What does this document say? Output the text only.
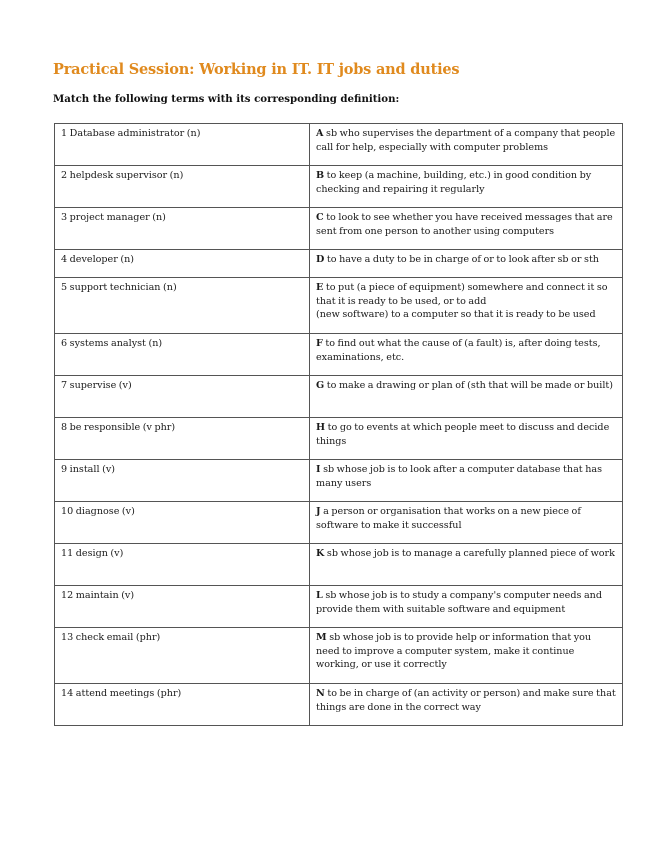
Practical Session: Working in IT. IT jobs and duties

Match the following terms with its corresponding definition:

1 Database administrator (n)	A sb who supervises the department of a company that people call for help, especially with computer problems
2 helpdesk supervisor (n)	B to keep (a machine, building, etc.) in good condition by checking and repairing it regularly
3 project manager (n)	C to look to see whether you have received messages that are sent from one person to another using computers
4 developer (n)	D to have a duty to be in charge of or to look after sb or sth
5 support technician (n)	E to put (a piece of equipment) somewhere and connect it so that it is ready to be used, or to add
(new software) to a computer so that it is ready to be used
6 systems analyst (n)	F to find out what the cause of (a fault) is, after doing tests, examinations, etc.
7 supervise (v)	G to make a drawing or plan of (sth that will be made or built)
8 be responsible (v phr)	H to go to events at which people meet to discuss and decide things
9 install (v)	I sb whose job is to look after a computer database that has many users
10 diagnose (v)	J a person or organisation that works on a new piece of software to make it successful
11 design (v)	K sb whose job is to manage a carefully planned piece of work
12 maintain (v)	L sb whose job is to study a company's computer needs and provide them with suitable software and equipment
13 check email (phr)	M sb whose job is to provide help or information that you need to improve a computer system, make it continue working, or use it correctly
14 attend meetings (phr)	N to be in charge of (an activity or person) and make sure that things are done in the correct way
